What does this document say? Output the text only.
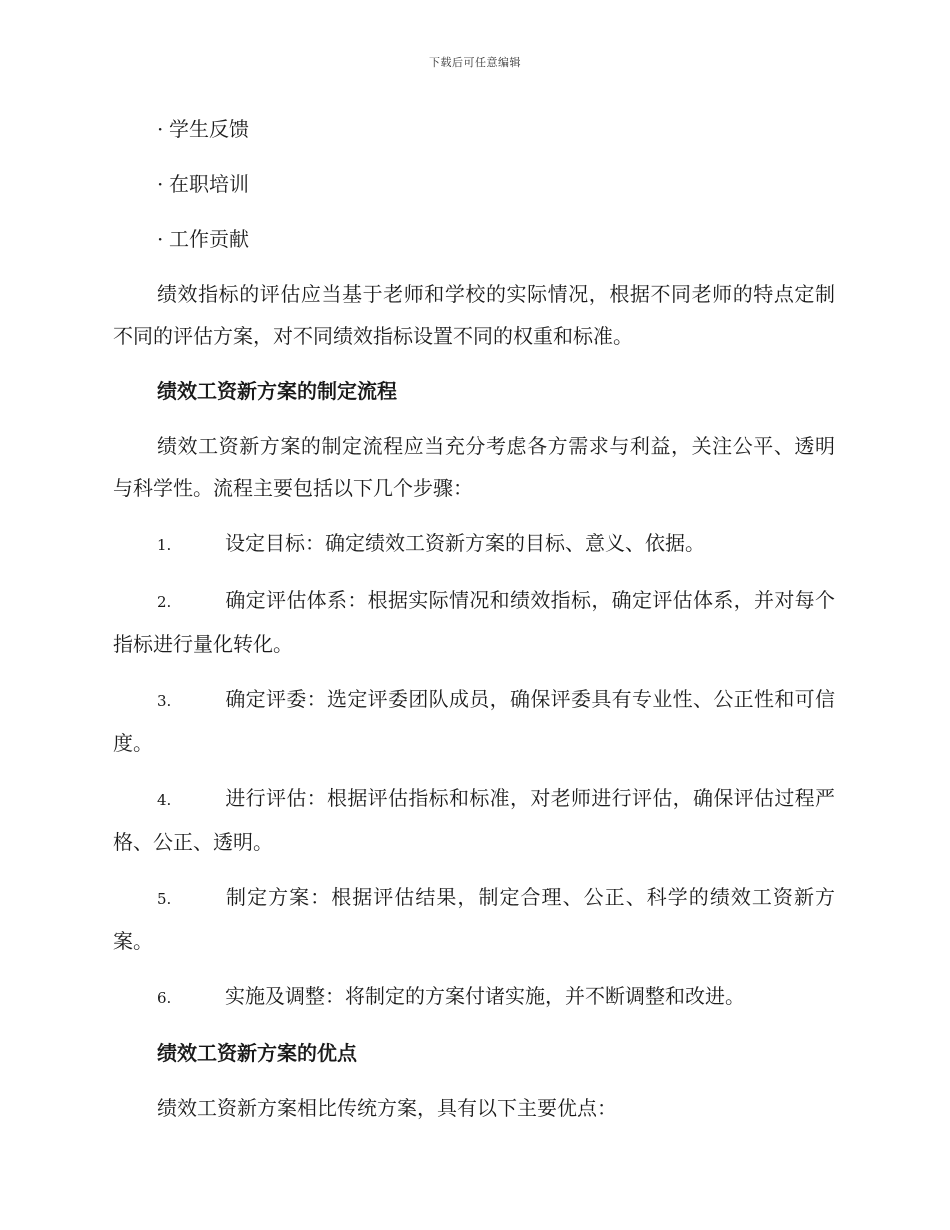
下载后可任意编辑
· 学生反馈
· 在职培训
· 工作贡献
绩效指标的评估应当基于老师和学校的实际情况，根据不同老师的特点定制不同的评估方案，对不同绩效指标设置不同的权重和标准。
绩效工资新方案的制定流程
绩效工资新方案的制定流程应当充分考虑各方需求与利益，关注公平、透明与科学性。流程主要包括以下几个步骤：
1.	设定目标：确定绩效工资新方案的目标、意义、依据。
2.	确定评估体系：根据实际情况和绩效指标，确定评估体系，并对每个指标进行量化转化。
3.	确定评委：选定评委团队成员，确保评委具有专业性、公正性和可信度。
4.	进行评估：根据评估指标和标准，对老师进行评估，确保评估过程严格、公正、透明。
5.	制定方案：根据评估结果，制定合理、公正、科学的绩效工资新方案。
6.	实施及调整：将制定的方案付诸实施，并不断调整和改进。
绩效工资新方案的优点
绩效工资新方案相比传统方案，具有以下主要优点：
